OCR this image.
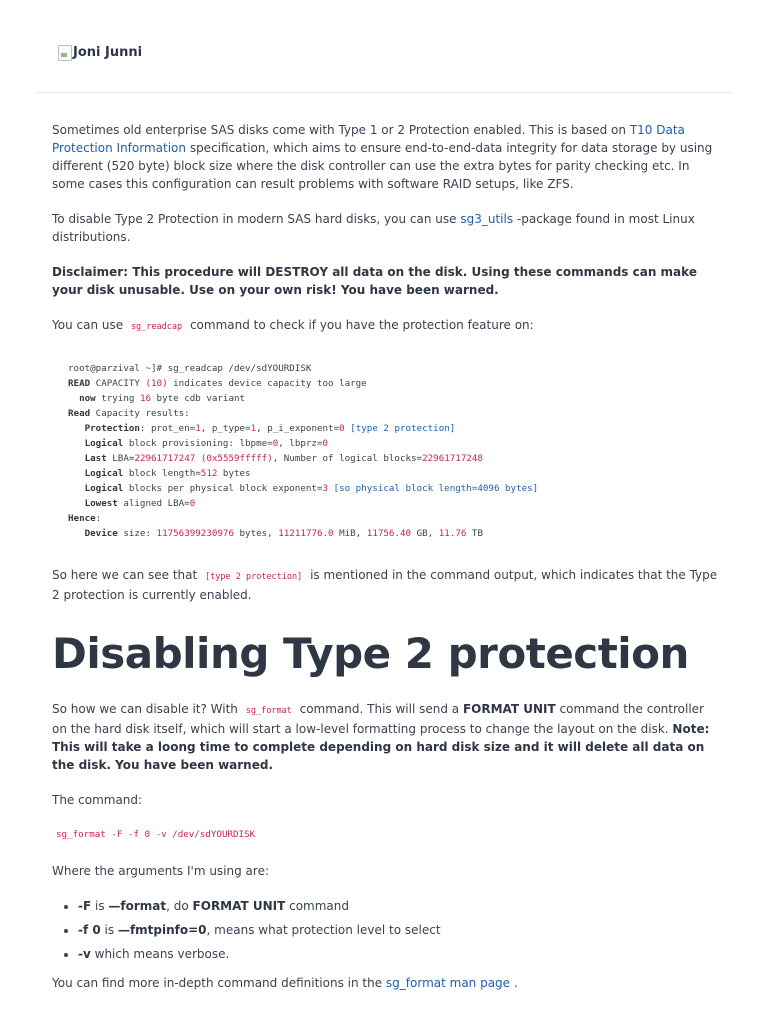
Joni Junni

Sometimes old enterprise SAS disks come with Type 1 or 2 Protection enabled. This is based on T10 Data Protection Information specification, which aims to ensure end-to-end-data integrity for data storage by using different (520 byte) block size where the disk controller can use the extra bytes for parity checking etc. In some cases this configuration can result problems with software RAID setups, like ZFS.

To disable Type 2 Protection in modern SAS hard disks, you can use sg3_utils -package found in most Linux distributions.

Disclaimer: This procedure will DESTROY all data on the disk. Using these commands can make your disk unusable. Use on your own risk! You have been warned.

You can use sg_readcap command to check if you have the protection feature on:

root@parzival ~]# sg_readcap /dev/sdYOURDISK
READ CAPACITY (10) indicates device capacity too large
now trying 16 byte cdb variant
Read Capacity results:
Protection: prot_en=1, p_type=1, p_i_exponent=0 [type 2 protection]
Logical block provisioning: lbpme=0, lbprz=0
Last LBA=22961717247 (0x5559fffff), Number of logical blocks=22961717248
Logical block length=512 bytes
Logical blocks per physical block exponent=3 [so physical block length=4096 bytes]
Lowest aligned LBA=0
Hence:
Device size: 11756399230976 bytes, 11211776.0 MiB, 11756.40 GB, 11.76 TB

So here we can see that [type 2 protection] is mentioned in the command output, which indicates that the Type 2 protection is currently enabled.

Disabling Type 2 protection

So how we can disable it? With sg_format command. This will send a FORMAT UNIT command the controller on the hard disk itself, which will start a low-level formatting process to change the layout on the disk. Note: This will take a loong time to complete depending on hard disk size and it will delete all data on the disk. You have been warned.

The command:

sg_format -F -f 0 -v /dev/sdYOURDISK

Where the arguments I'm using are:

• -F is —format, do FORMAT UNIT command
• -f 0 is —fmtpinfo=0, means what protection level to select
• -v which means verbose.

You can find more in-depth command definitions in the sg_format man page .
